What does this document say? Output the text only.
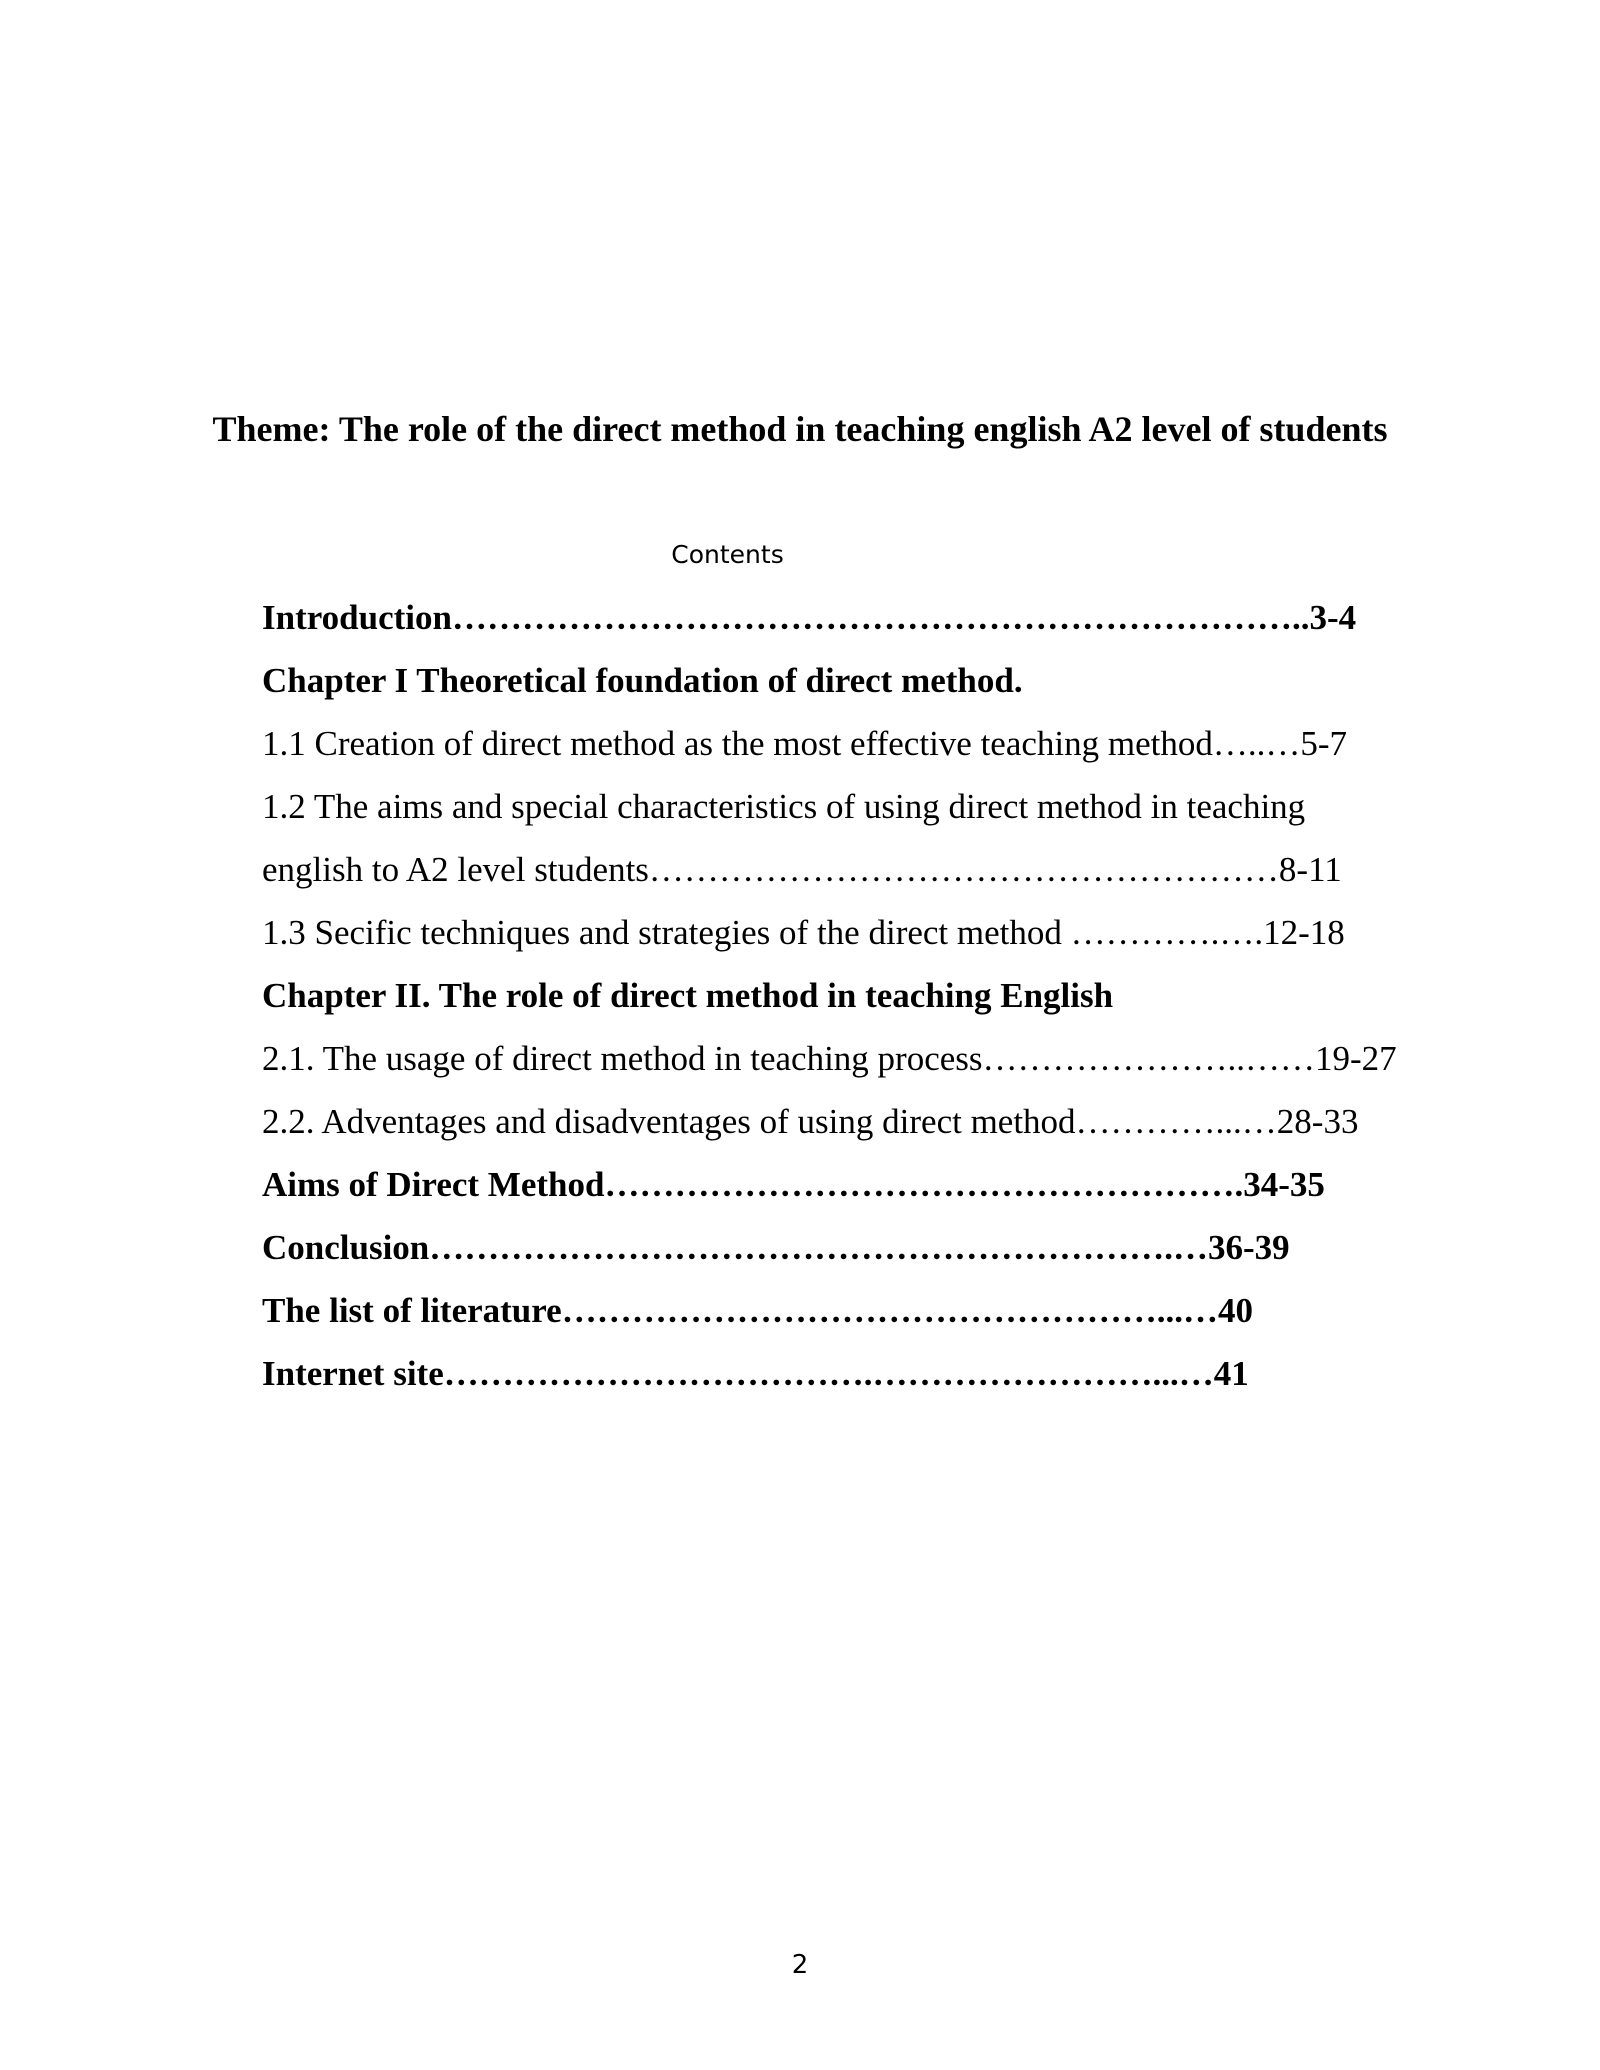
Theme: The role of the direct method in teaching english A2 level of students
Contents
Introduction………………………………………………………………..3-4
Chapter I Theoretical foundation of direct method.
1.1 Creation of direct method as the most effective teaching method…..…5-7
1.2 The aims and special characteristics of using direct method in teaching
english to A2 level students………………………………………………8-11
1.3 Secific techniques and strategies of the direct method ………….….12-18
Chapter II. The role of direct method in teaching English
2.1. The usage of direct method in teaching process…………………..……19-27
2.2. Adventages and disadventages of using direct method…………...…28-33
Aims of Direct Method……………………………………………….34-35
Conclusion……………………………………………………….…36-39
The list of literature……………………………………………...…40
Internet site……………………………….……………………...…41
2
